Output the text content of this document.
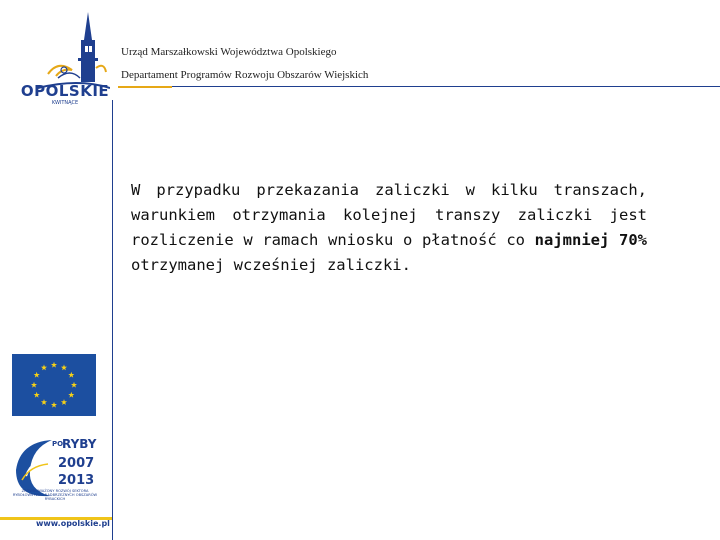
OPOLSKIE
KWITNĄCE
Urząd Marszałkowski Województwa Opolskiego
Departament Programów Rozwoju Obszarów Wiejskich
W przypadku przekazania zaliczki w kilku transzach, warunkiem otrzymania kolejnej transzy zaliczki jest rozliczenie w ramach wniosku o płatność co najmniej 70% otrzymanej wcześniej zaliczki.
PO
RYBY
2007
2013
ZRÓWNOWAŻONY ROZWÓJ SEKTORA RYBOŁÓWSTWA I NADBRZEŻNYCH OBSZARÓW RYBACKICH
www.opolskie.pl
